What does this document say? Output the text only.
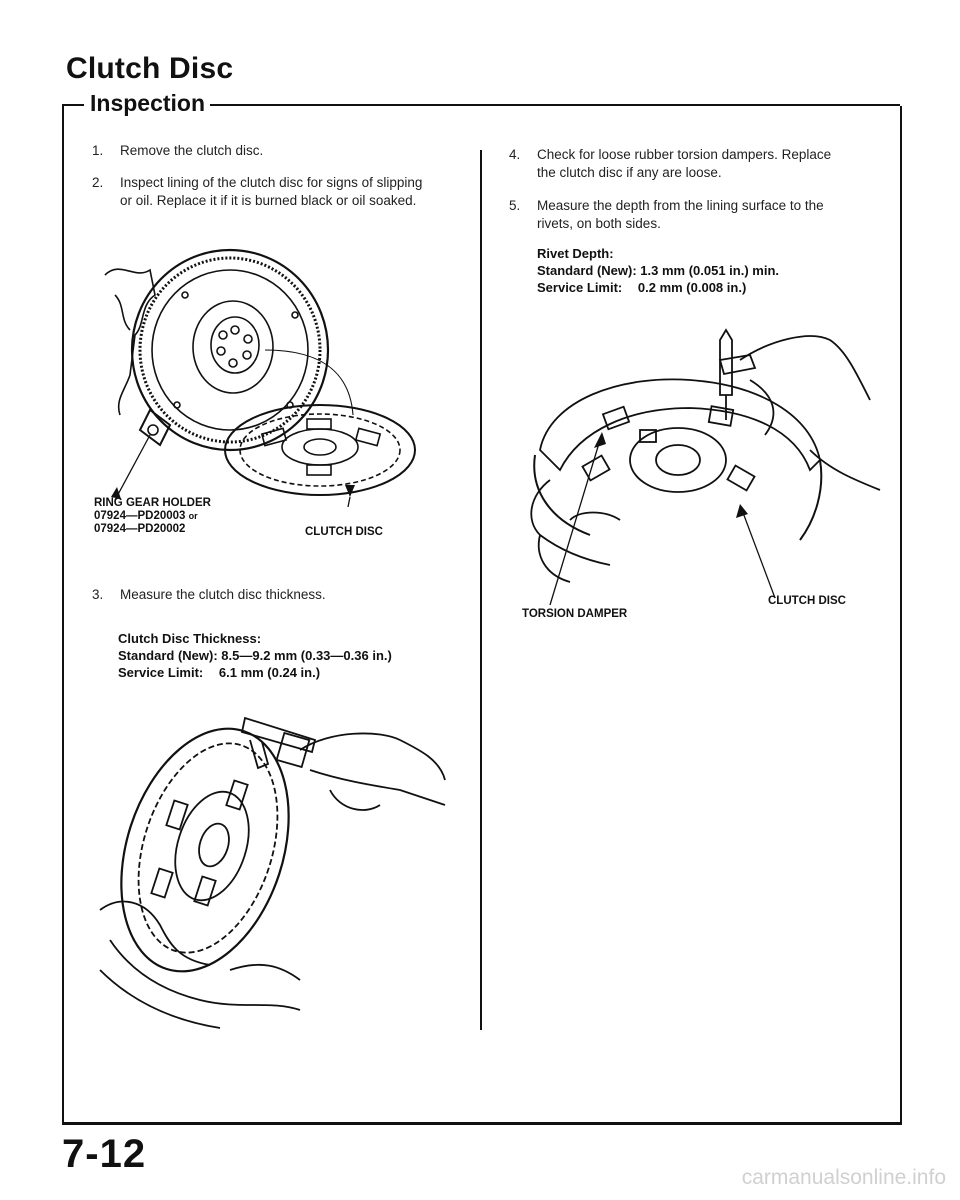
Clutch Disc
Inspection
1. Remove the clutch disc.
2. Inspect lining of the clutch disc for signs of slipping
or oil. Replace it if it is burned black or oil soaked.
RING GEAR HOLDER
07924—PD20003 or
07924—PD20002	CLUTCH DISC
3. Measure the clutch disc thickness.
Clutch Disc Thickness:
Standard (New): 8.5—9.2 mm (0.33—0.36 in.)
Service Limit: 6.1 mm (0.24 in.)
4. Check for loose rubber torsion dampers. Replace
the clutch disc if any are loose.
5. Measure the depth from the lining surface to the
rivets, on both sides.
Rivet Depth:
Standard (New): 1.3 mm (0.051 in.) min.
Service Limit: 0.2 mm (0.008 in.)
TORSION DAMPER
CLUTCH DISC
7-12
carmanualsonline.info
